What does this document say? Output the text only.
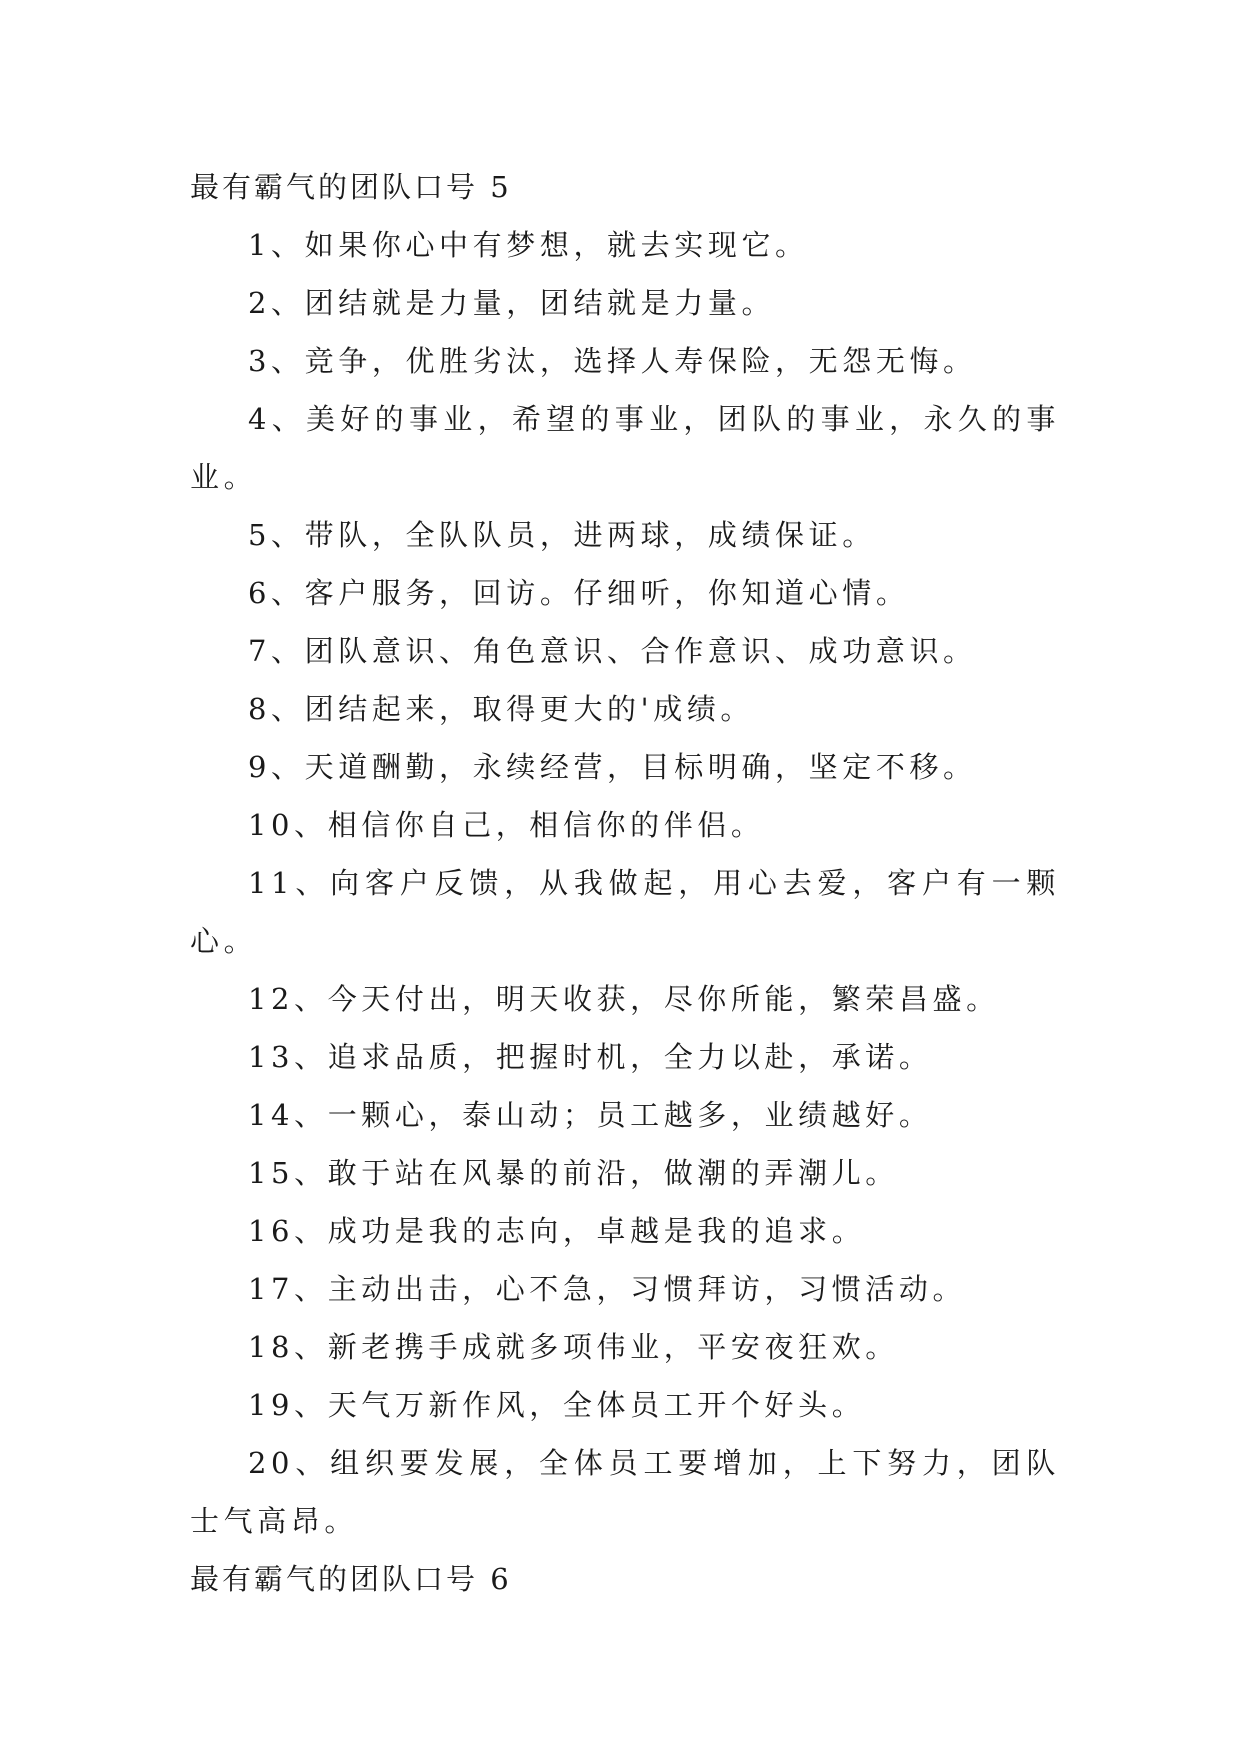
最有霸气的团队口号 5

1、如果你心中有梦想，就去实现它。

2、团结就是力量，团结就是力量。

3、竞争，优胜劣汰，选择人寿保险，无怨无悔。

4、美好的事业，希望的事业，团队的事业，永久的事业。

5、带队，全队队员，进两球，成绩保证。

6、客户服务，回访。仔细听，你知道心情。

7、团队意识、角色意识、合作意识、成功意识。

8、团结起来，取得更大的'成绩。

9、天道酬勤，永续经营，目标明确，坚定不移。

10、相信你自己，相信你的伴侣。

11、向客户反馈，从我做起，用心去爱，客户有一颗心。

12、今天付出，明天收获，尽你所能，繁荣昌盛。

13、追求品质，把握时机，全力以赴，承诺。

14、一颗心，泰山动；员工越多，业绩越好。

15、敢于站在风暴的前沿，做潮的弄潮儿。

16、成功是我的志向，卓越是我的追求。

17、主动出击，心不急，习惯拜访，习惯活动。

18、新老携手成就多项伟业，平安夜狂欢。

19、天气万新作风，全体员工开个好头。

20、组织要发展，全体员工要增加，上下努力，团队士气高昂。

最有霸气的团队口号 6
